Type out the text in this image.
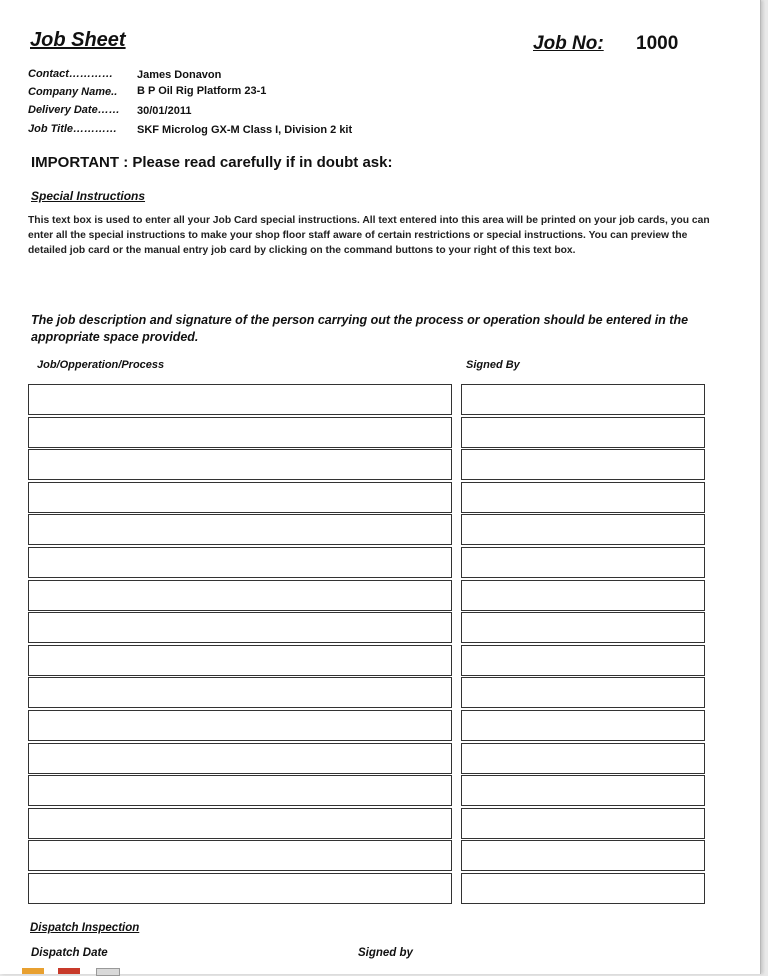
Job Sheet	Job No: 1000
Contact………… James Donavon
Company Name.. B P Oil Rig Platform 23-1
Delivery Date…… 30/01/2011
Job Title………… SKF Microlog GX-M Class I, Division 2 kit
IMPORTANT : Please read carefully if in doubt ask:
Special Instructions
This text box is used to enter all your Job Card special instructions. All text entered into this area will be printed on your job cards, you can enter all the special instructions to make your shop floor staff aware of certain restrictions or special instructions. You can preview the detailed job card or the manual entry job card by clicking on the command buttons to your right of this text box.
The job description and signature of the person carrying out the process or operation should be entered in the appropriate space provided.
Job/Opperation/Process	Signed By
Dispatch Inspection
Dispatch Date	Signed by
